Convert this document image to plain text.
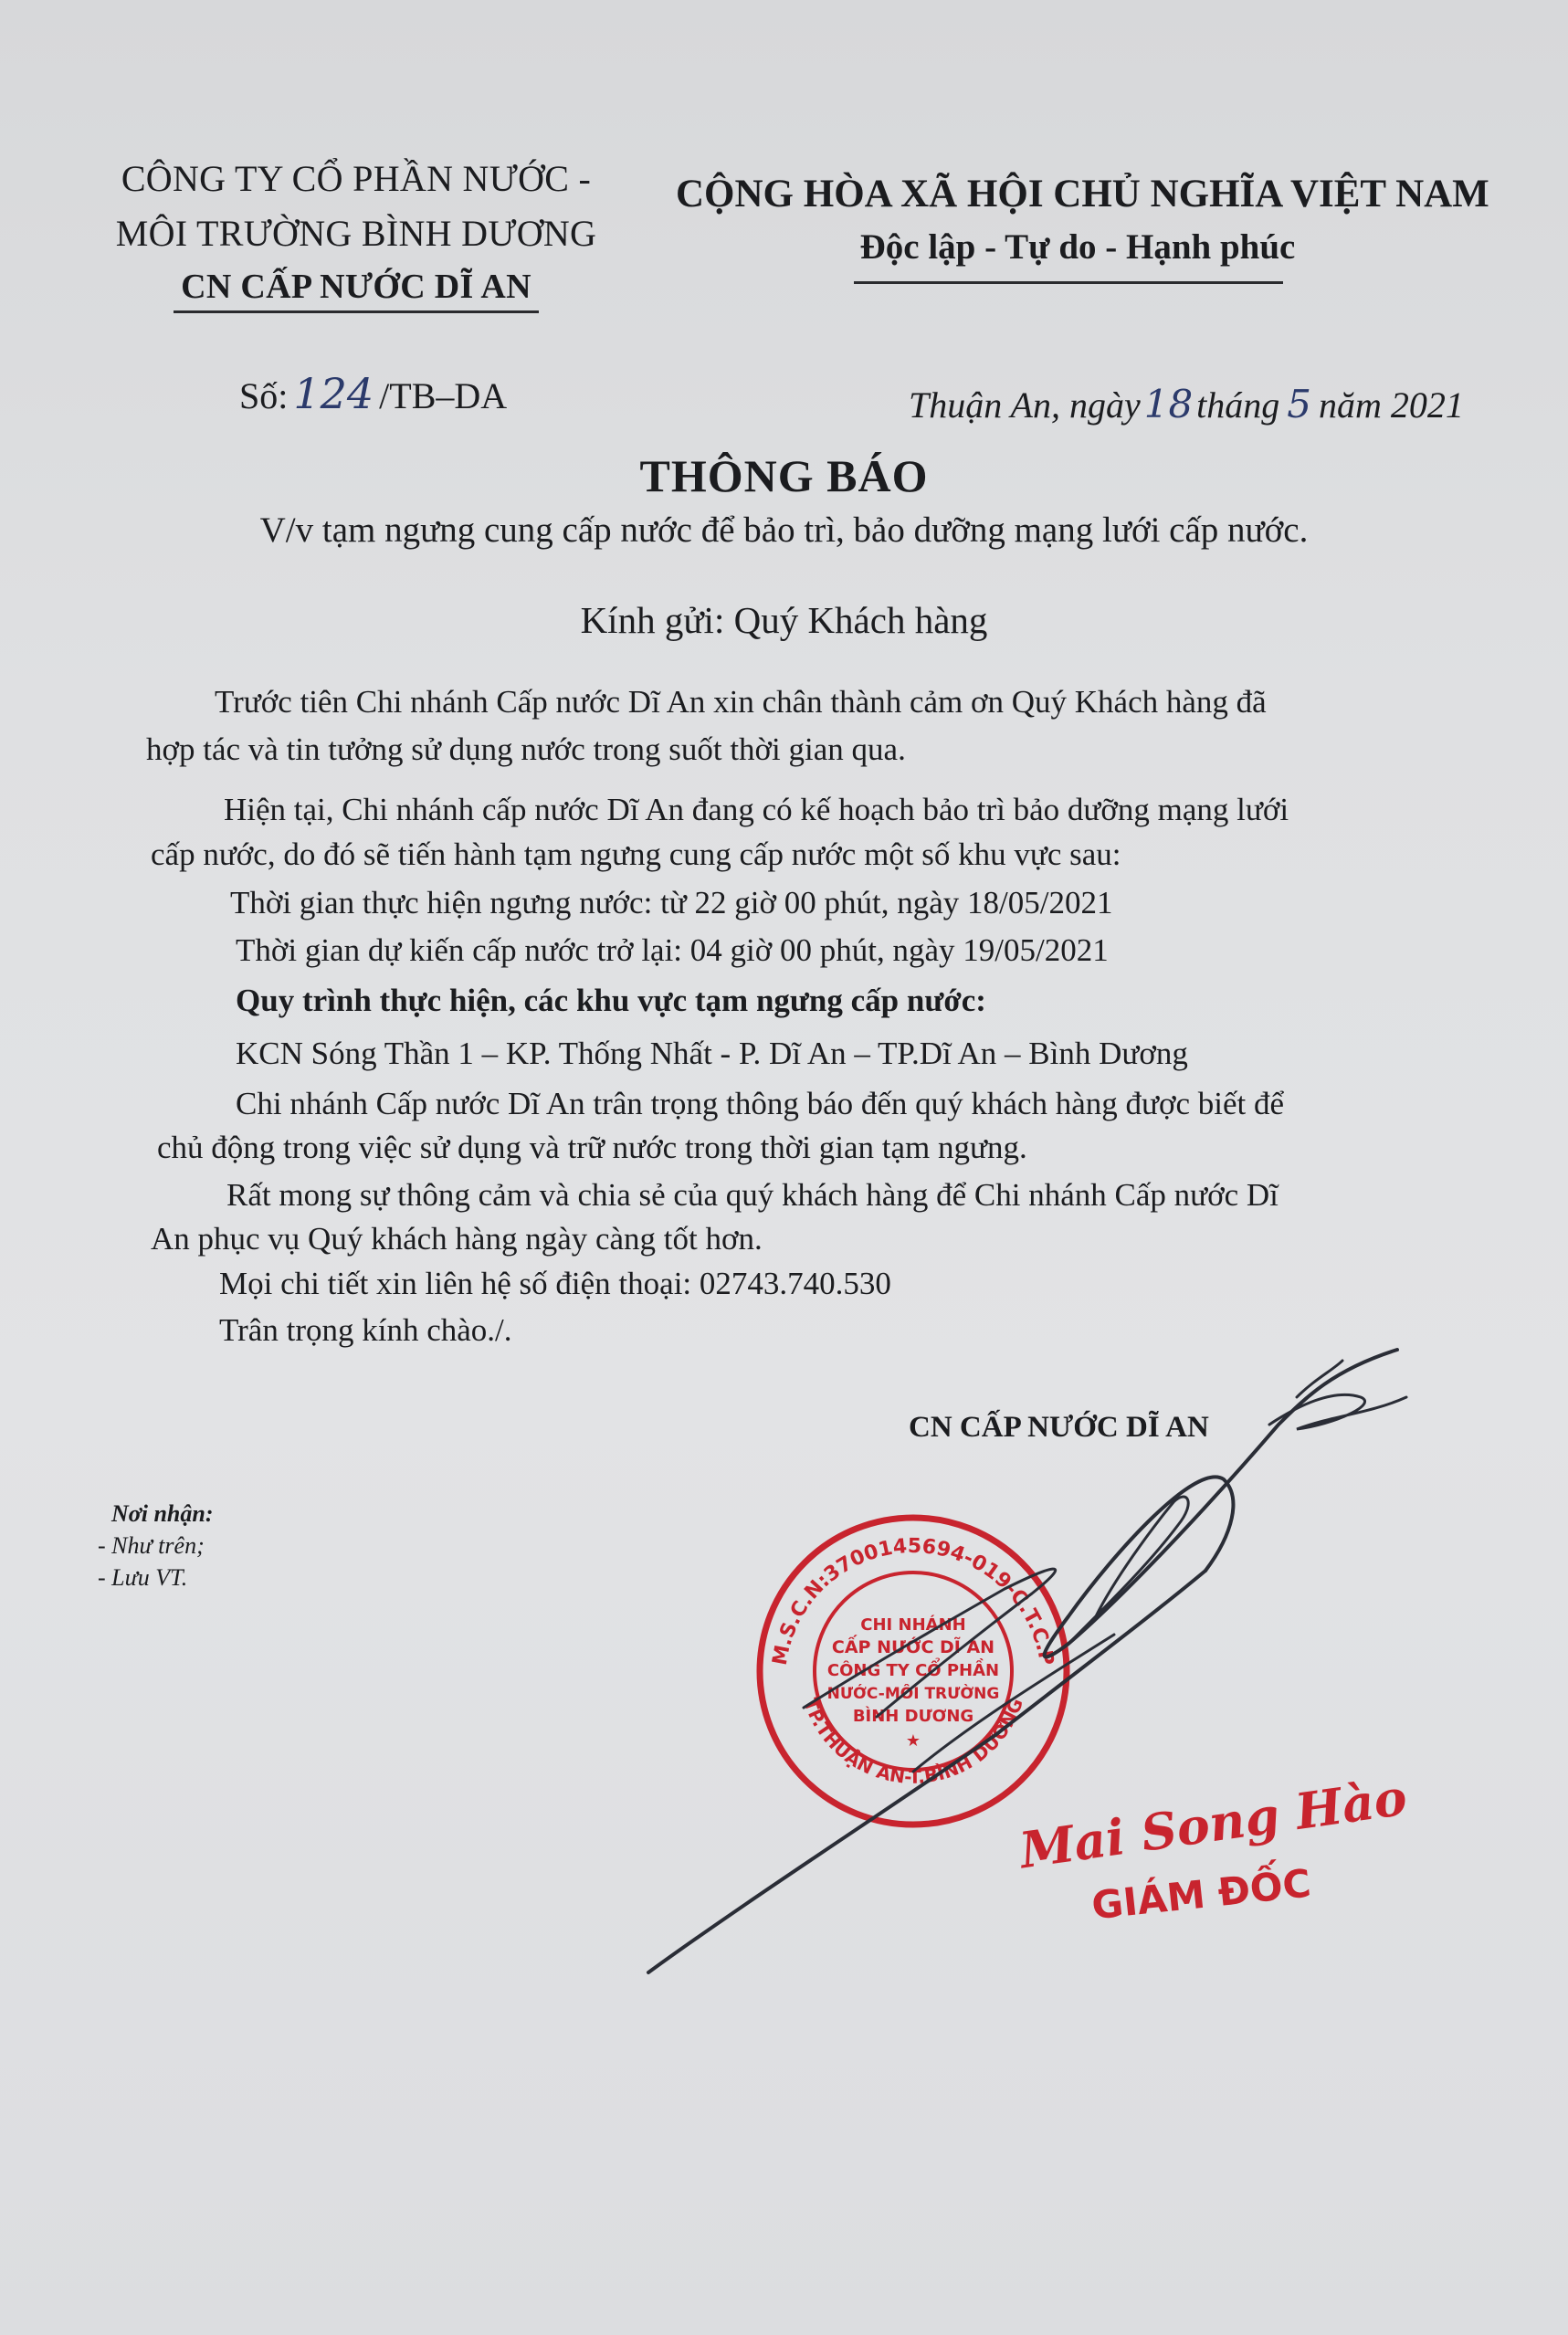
CÔNG TY CỔ PHẦN NƯỚC -
MÔI TRƯỜNG BÌNH DƯƠNG
CN CẤP NƯỚC DĨ AN
CỘNG HÒA XÃ HỘI CHỦ NGHĨA VIỆT NAM
Độc lập - Tự do - Hạnh phúc
Số: 124 /TB–DA	Thuận An, ngày18 tháng 5 năm 2021
THÔNG BÁO
V/v tạm ngưng cung cấp nước để bảo trì, bảo dưỡng mạng lưới cấp nước.
Kính gửi: Quý Khách hàng
Trước tiên Chi nhánh Cấp nước Dĩ An xin chân thành cảm ơn Quý Khách hàng đã
hợp tác và tin tưởng sử dụng nước trong suốt thời gian qua.
Hiện tại, Chi nhánh cấp nước Dĩ An đang có kế hoạch bảo trì bảo dưỡng mạng lưới
cấp nước, do đó sẽ tiến hành tạm ngưng cung cấp nước một số khu vực sau:
Thời gian thực hiện ngưng nước: từ 22 giờ 00 phút, ngày 18/05/2021
Thời gian dự kiến cấp nước trở lại: 04 giờ 00 phút, ngày 19/05/2021
Quy trình thực hiện, các khu vực tạm ngưng cấp nước:
KCN Sóng Thần 1 – KP. Thống Nhất - P. Dĩ An – TP.Dĩ An – Bình Dương
Chi nhánh Cấp nước Dĩ An trân trọng thông báo đến quý khách hàng được biết để
chủ động trong việc sử dụng và trữ nước trong thời gian tạm ngưng.
Rất mong sự thông cảm và chia sẻ của quý khách hàng để Chi nhánh Cấp nước Dĩ
An phục vụ Quý khách hàng ngày càng tốt hơn.
Mọi chi tiết xin liên hệ số điện thoại: 02743.740.530
Trân trọng kính chào./.
CN CẤP NƯỚC DĨ AN
Nơi nhận:
- Như trên;
- Lưu VT.
M.S.C.N:3700145694-019-C.T.C.P
TP.THUẬN AN-T.BÌNH DƯƠNG
CHI NHÁNH
CẤP NƯỚC DĨ AN
CÔNG TY CỔ PHẦN
NƯỚC-MÔI TRƯỜNG
BÌNH DƯƠNG
★
Mai Song Hào
GIÁM ĐỐC
